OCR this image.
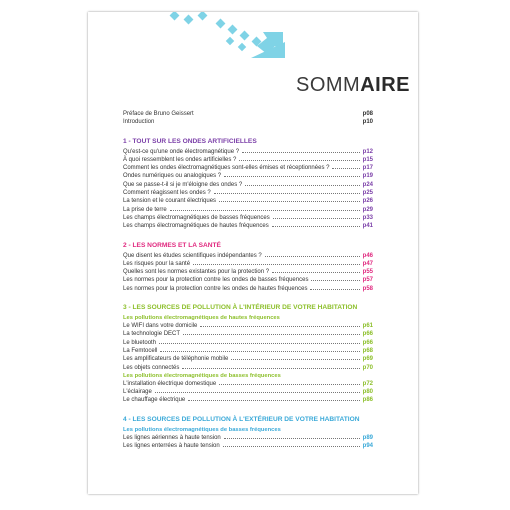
SOMMAIRE
Préface de Bruno Geissert	p08
Introduction	p10
1 - TOUT SUR LES ONDES ARTIFICIELLES
Qu'est-ce qu'une onde électromagnétique ?	p12
À quoi ressemblent les ondes artificielles ?	p15
Comment les ondes électromagnétiques sont-elles émises et réceptionnées ?	p17
Ondes numériques ou analogiques ?	p19
Que se passe-t-il si je m'éloigne des ondes ?	p24
Comment réagissent les ondes ?	p25
La tension et le courant électriques	p26
La prise de terre	p29
Les champs électromagnétiques de basses fréquences	p33
Les champs électromagnétiques de hautes fréquences	p41
2 - LES NORMES ET LA SANTÉ
Que disent les études scientifiques indépendantes ?	p46
Les risques pour la santé	p47
Quelles sont les normes existantes pour la protection ?	p55
Les normes pour la protection contre les ondes de basses fréquences	p57
Les normes pour la protection contre les ondes de hautes fréquences	p58
3 - LES SOURCES DE POLLUTION À L'INTÉRIEUR DE VOTRE HABITATION
Les pollutions électromagnétiques de hautes fréquences
Le WIFI dans votre domicile	p61
La technologie DECT	p66
Le bluetooth	p66
La Femtocell	p68
Les amplificateurs de téléphonie mobile	p69
Les objets connectés	p70
Les pollutions électromagnétiques de basses fréquences
L'installation électrique domestique	p72
L'éclairage	p80
Le chauffage électrique	p86
4 - LES SOURCES DE POLLUTION À L'EXTÉRIEUR DE VOTRE HABITATION
Les pollutions électromagnétiques de basses fréquences
Les lignes aériennes à haute tension	p89
Les lignes enterrées à haute tension	p94
